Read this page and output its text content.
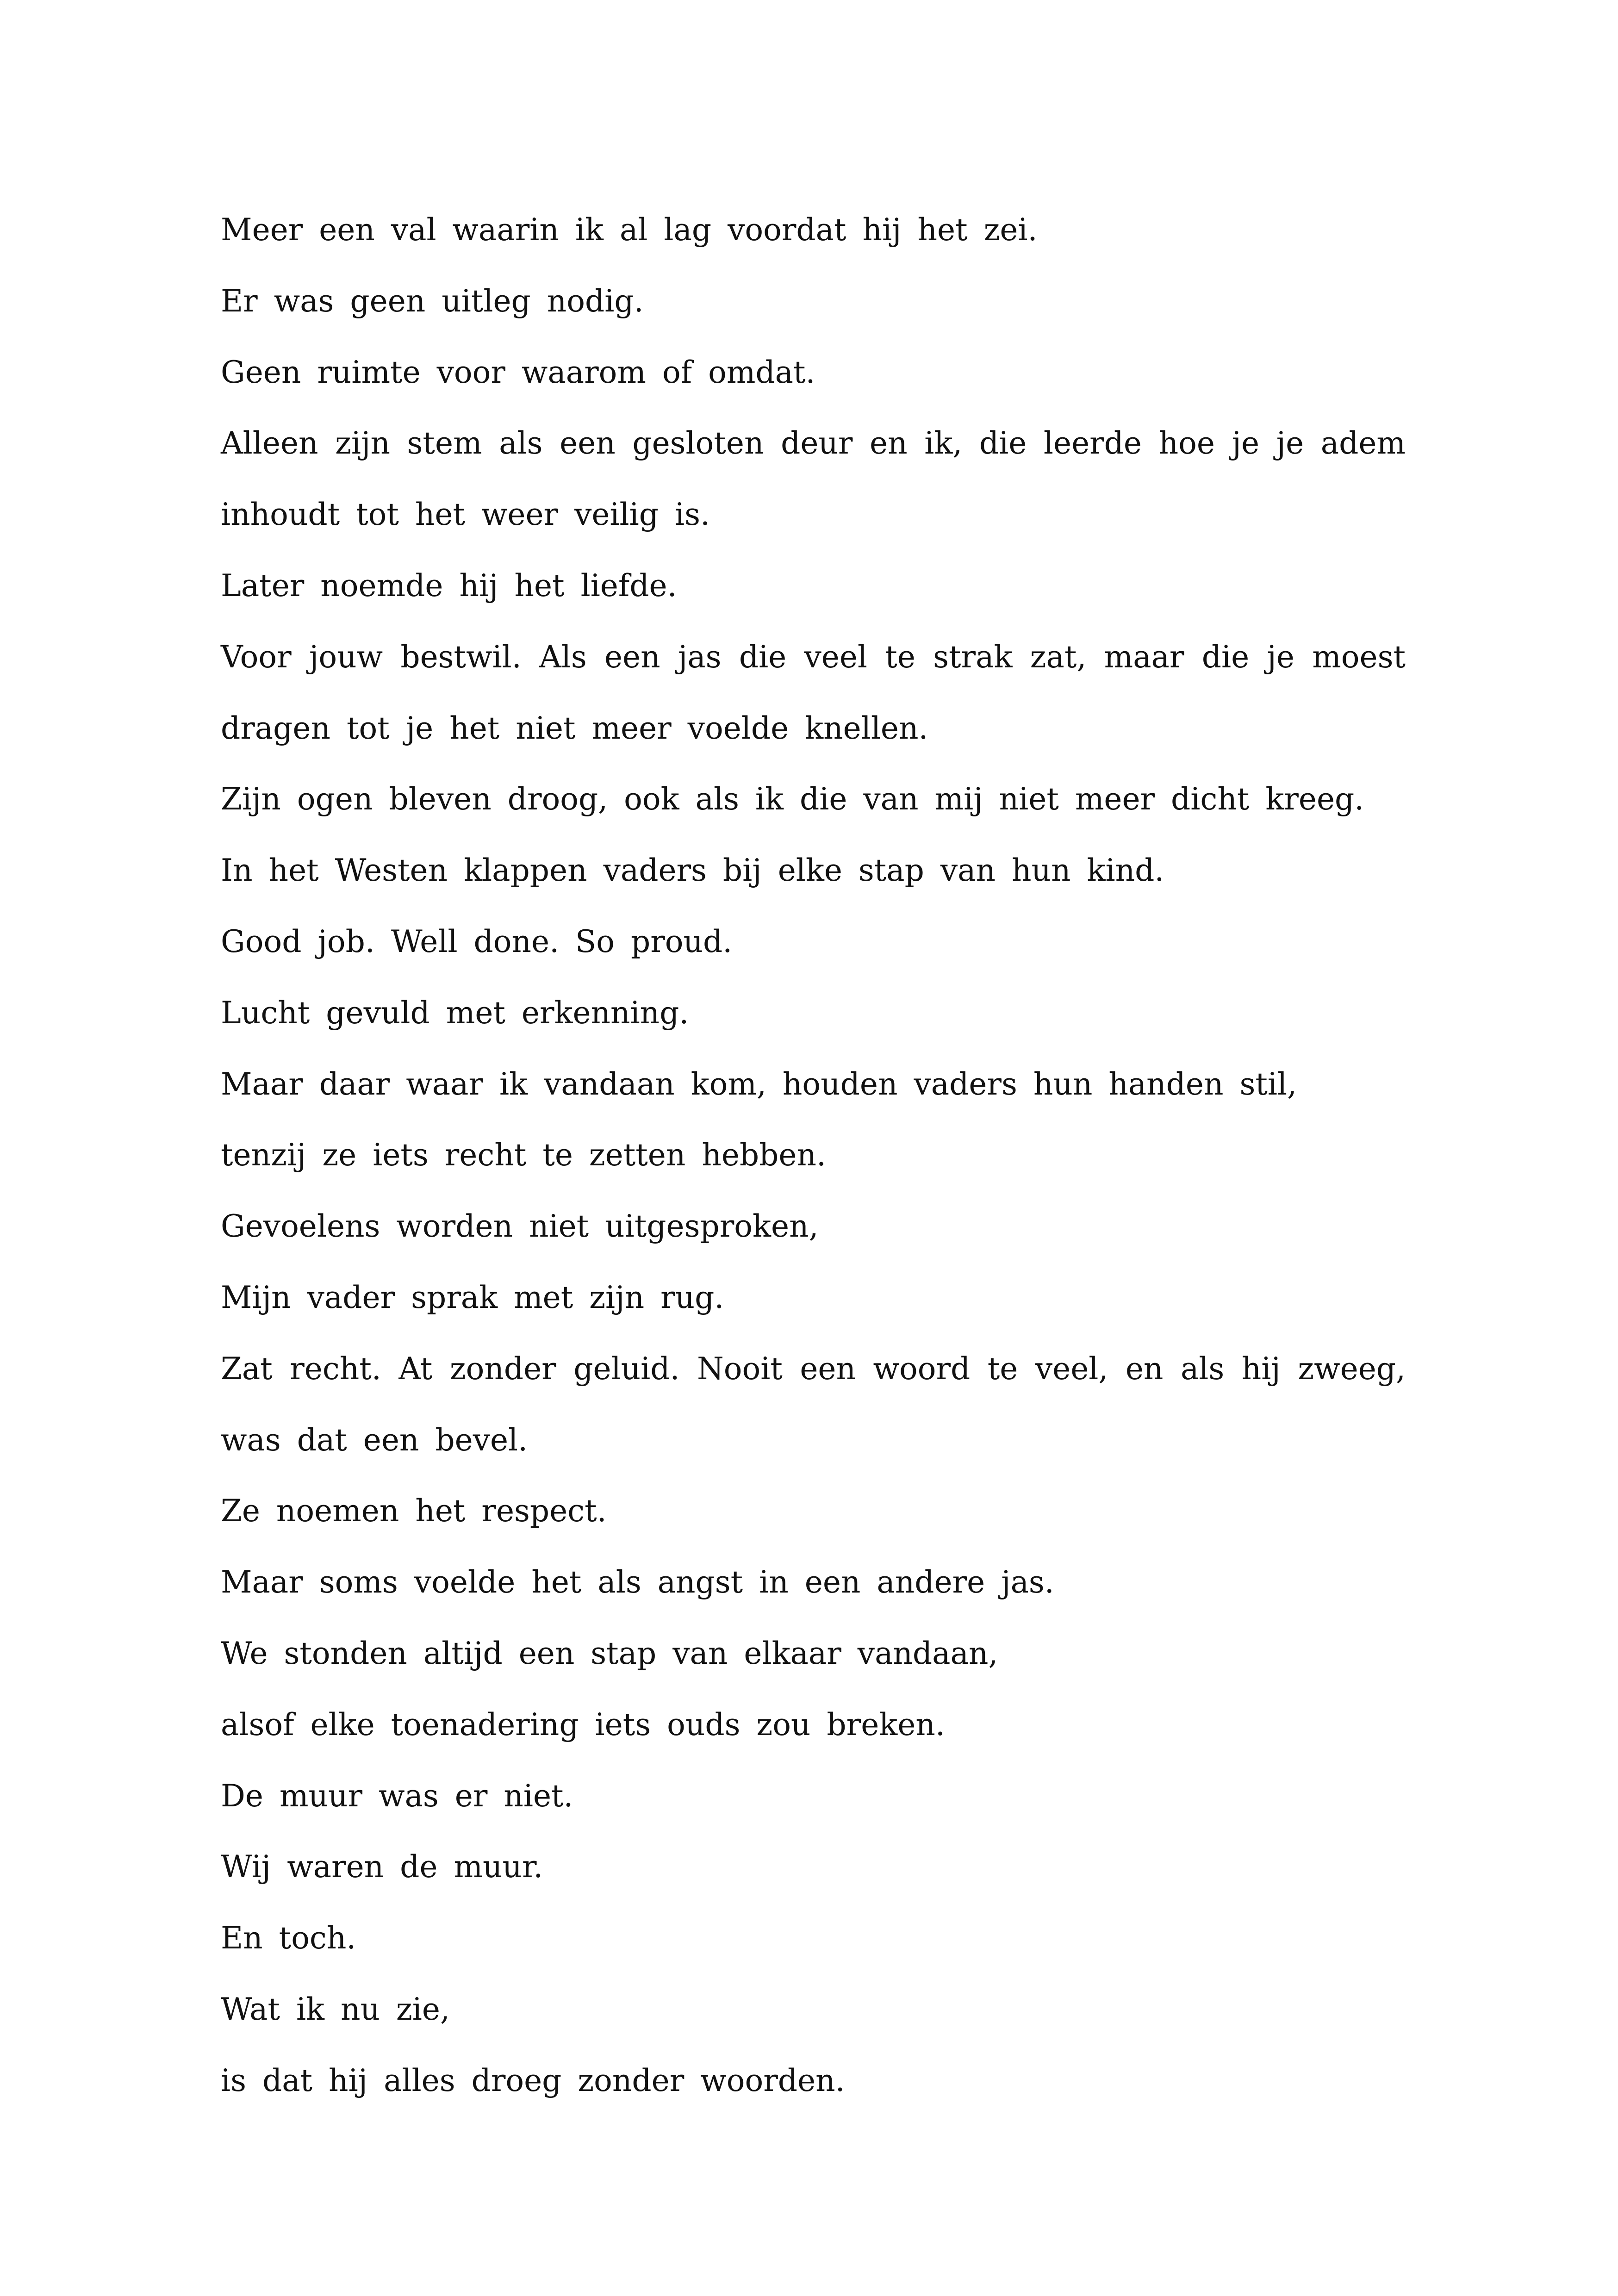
Meer een val waarin ik al lag voordat hij het zei.

Er was geen uitleg nodig.

Geen ruimte voor waarom of omdat.

Alleen zijn stem als een gesloten deur en ik, die leerde hoe je je adem inhoudt tot het weer veilig is.

Later noemde hij het liefde.

Voor jouw bestwil. Als een jas die veel te strak zat, maar die je moest dragen tot je het niet meer voelde knellen.

Zijn ogen bleven droog, ook als ik die van mij niet meer dicht kreeg.

In het Westen klappen vaders bij elke stap van hun kind.

Good job. Well done. So proud.

Lucht gevuld met erkenning.

Maar daar waar ik vandaan kom, houden vaders hun handen stil,

tenzij ze iets recht te zetten hebben.

Gevoelens worden niet uitgesproken,

Mijn vader sprak met zijn rug.

Zat recht. At zonder geluid. Nooit een woord te veel, en als hij zweeg, was dat een bevel.

Ze noemen het respect.

Maar soms voelde het als angst in een andere jas.

We stonden altijd een stap van elkaar vandaan,

alsof elke toenadering iets ouds zou breken.

De muur was er niet.

Wij waren de muur.

En toch.

Wat ik nu zie,

is dat hij alles droeg zonder woorden.
